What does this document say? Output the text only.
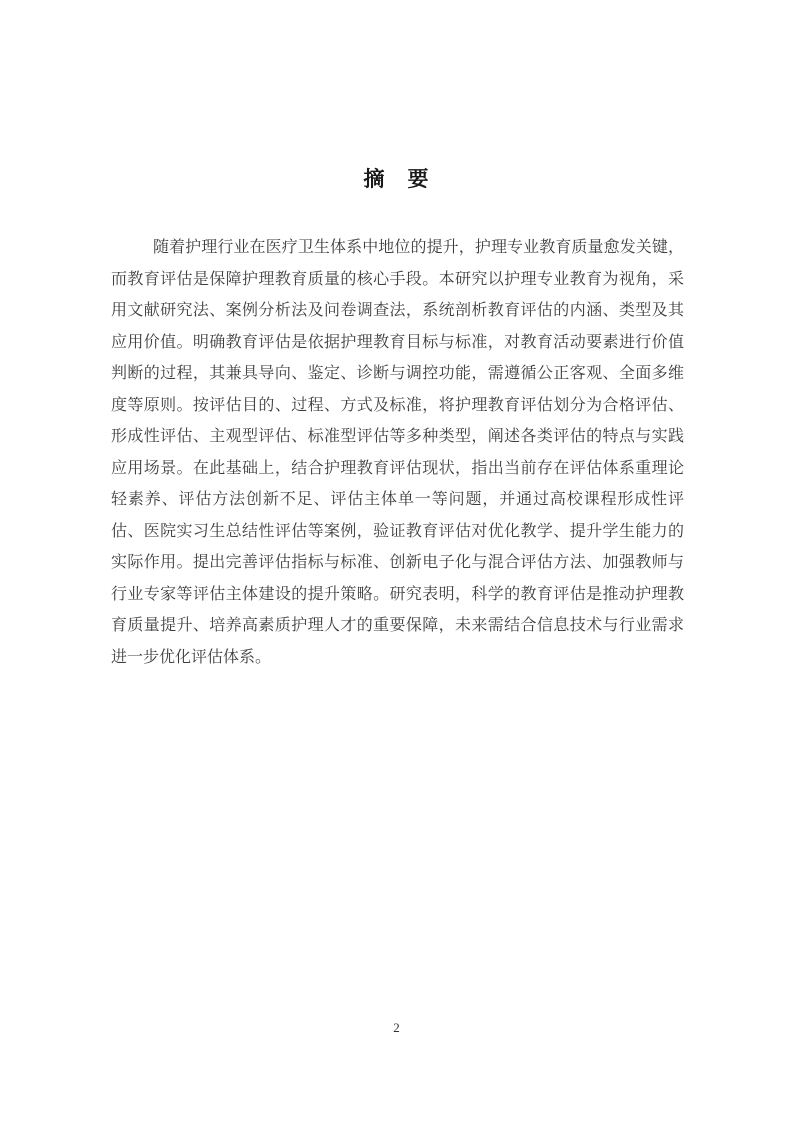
摘　要

随着护理行业在医疗卫生体系中地位的提升，护理专业教育质量愈发关键，而教育评估是保障护理教育质量的核心手段。本研究以护理专业教育为视角，采用文献研究法、案例分析法及问卷调查法，系统剖析教育评估的内涵、类型及其应用价值。明确教育评估是依据护理教育目标与标准，对教育活动要素进行价值判断的过程，其兼具导向、鉴定、诊断与调控功能，需遵循公正客观、全面多维度等原则。按评估目的、过程、方式及标准，将护理教育评估划分为合格评估、形成性评估、主观型评估、标准型评估等多种类型，阐述各类评估的特点与实践应用场景。在此基础上，结合护理教育评估现状，指出当前存在评估体系重理论轻素养、评估方法创新不足、评估主体单一等问题，并通过高校课程形成性评估、医院实习生总结性评估等案例，验证教育评估对优化教学、提升学生能力的实际作用。提出完善评估指标与标准、创新电子化与混合评估方法、加强教师与行业专家等评估主体建设的提升策略。研究表明，科学的教育评估是推动护理教育质量提升、培养高素质护理人才的重要保障，未来需结合信息技术与行业需求进一步优化评估体系。

2
